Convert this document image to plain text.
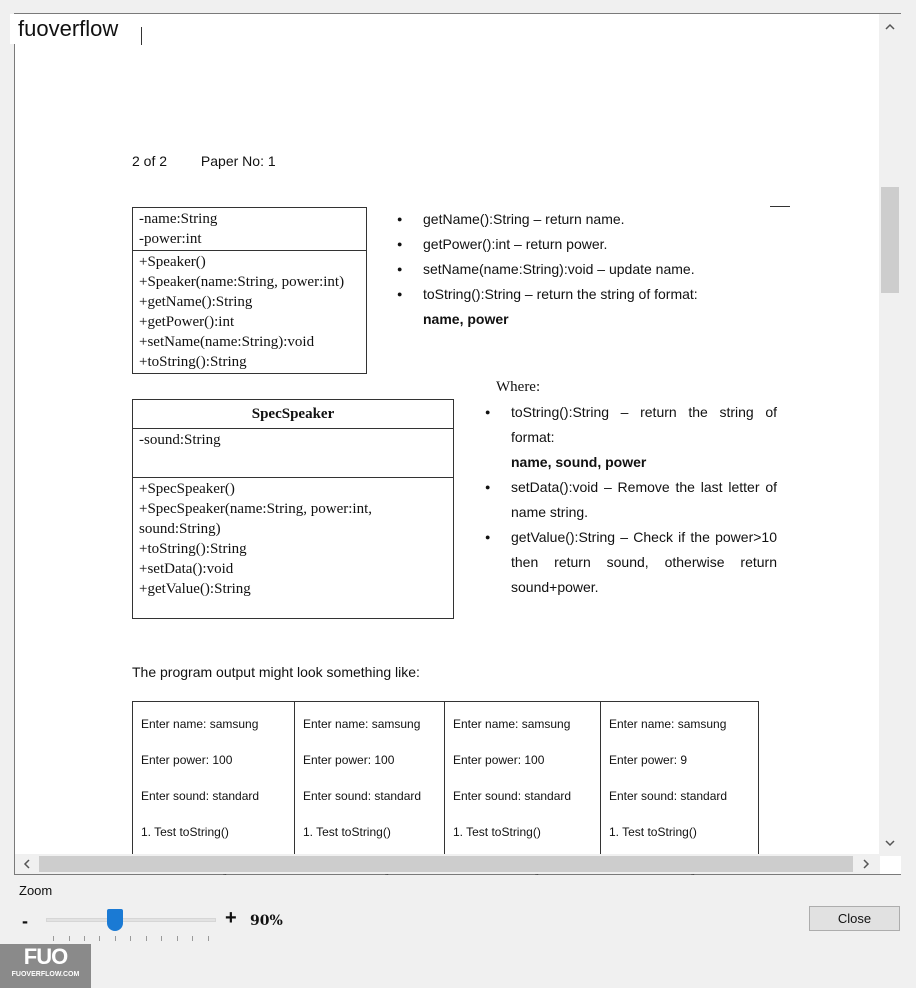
2 of 2 Paper No: 1
-name:String
-power:int
+Speaker()
+Speaker(name:String, power:int)
+getName():String
+getPower():int
+setName(name:String):void
+toString():String
● getName():String – return name.
● getPower():int – return power.
● setName(name:String):void – update name.
● toString():String – return the string of format:
name, power
SpecSpeaker
-sound:String
+SpecSpeaker()
+SpecSpeaker(name:String, power:int,
sound:String)
+toString():String
+setData():void
+getValue():String
Where:
● toString():String – return the string of format:
name, sound, power
● setData():void – Remove the last letter of name string.
● getValue():String – Check if the power>10 then return sound, otherwise return sound+power.
The program output might look something like:
Enter name: samsung
Enter power: 100
Enter sound: standard
1. Test toString()
Enter name: samsung
Enter power: 100
Enter sound: standard
1. Test toString()
Enter name: samsung
Enter power: 100
Enter sound: standard
1. Test toString()
Enter name: samsung
Enter power: 9
Enter sound: standard
1. Test toString()
fuoverflow
Zoom
-	+ 90%	Close
FUO
FUOVERFLOW.COM
